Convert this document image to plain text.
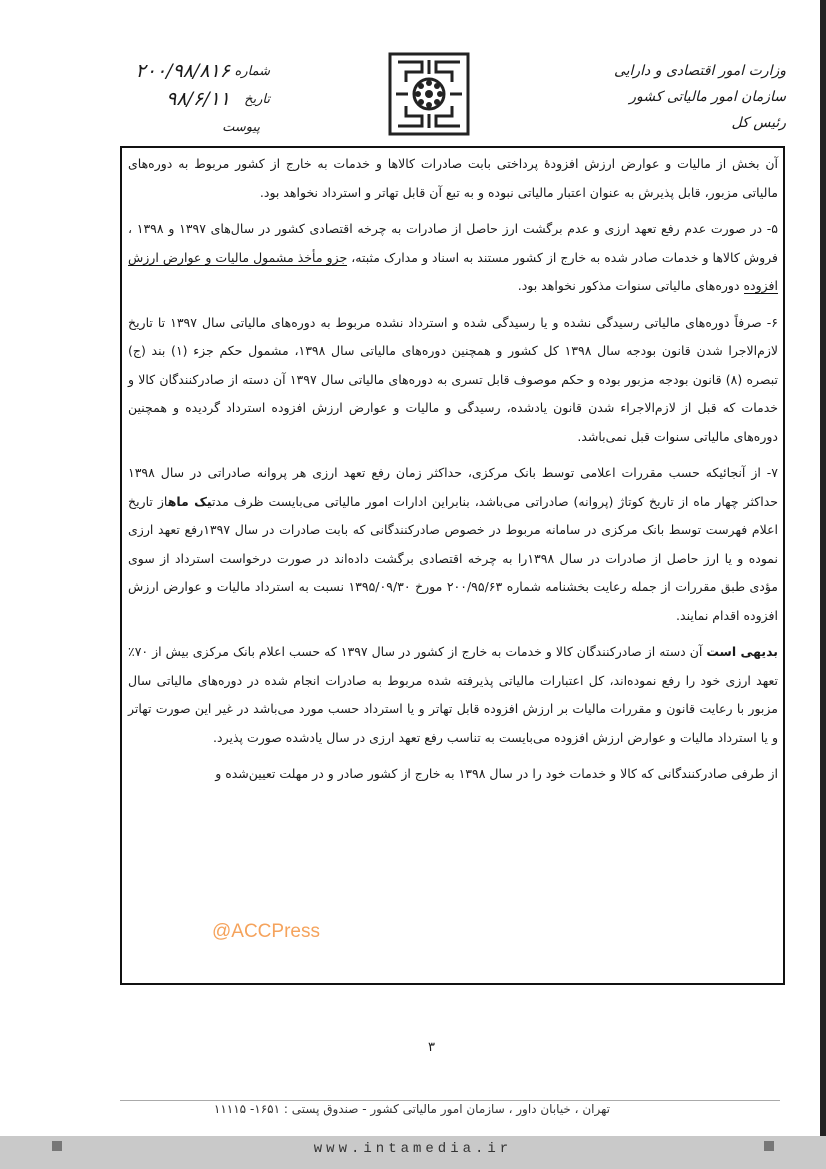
وزارت امور اقتصادی و دارایی
سازمان امور مالیاتی کشور
رئیس کل
شماره
۲۰۰/۹۸/۸۱۶
تاریخ
۹۸/۶/۱۱
پیوست

آن بخش از مالیات و عوارض ارزش افزودهٔ پرداختی بابت صادرات کالاها و خدمات به خارج از کشور مربوط به دوره‌های مالیاتی مزبور، قابل پذیرش به عنوان اعتبار مالیاتی نبوده و به تبع آن قابل تهاتر و استرداد نخواهد بود.

۵- در صورت عدم رفع تعهد ارزی و عدم برگشت ارز حاصل از صادرات به چرخه اقتصادی کشور در سال‌های ۱۳۹۷ و ۱۳۹۸ ، فروش کالاها و خدمات صادر شده به خارج از کشور مستند به اسناد و مدارک مثبته، جزو مأخذ مشمول مالیات و عوارض ارزش افزوده دوره‌های مالیاتی سنوات مذکور نخواهد بود.

۶- صرفاً دوره‌های مالیاتی رسیدگی نشده و یا رسیدگی شده و استرداد نشده مربوط به دوره‌های مالیاتی سال ۱۳۹۷ تا تاریخ لازم‌الاجرا شدن قانون بودجه سال ۱۳۹۸ کل کشور و همچنین دوره‌های مالیاتی سال ۱۳۹۸، مشمول حکم جزء (۱) بند (ج) تبصره (۸) قانون بودجه مزبور بوده و حکم موصوف قابل تسری به دوره‌های مالیاتی سال ۱۳۹۷ آن دسته از صادرکنندگان کالا و خدمات که قبل از لازم‌الاجراء شدن قانون یادشده، رسیدگی و مالیات و عوارض ارزش افزوده استرداد گردیده و همچنین دوره‌های مالیاتی سنوات قبل نمی‌باشد.

۷- از آنجائیکه حسب مقررات اعلامی توسط بانک مرکزی، حداکثر زمان رفع تعهد ارزی هر پروانه صادراتی در سال ۱۳۹۸ حداکثر چهار ماه از تاریخ کوتاژ (پروانه) صادراتی می‌باشد، بنابراین ادارات امور مالیاتی می‌بایست ظرف مدتیک ماهاز تاریخ اعلام فهرست توسط بانک مرکزی در سامانه مربوط در خصوص صادرکنندگانی که بابت صادرات در سال ۱۳۹۷رفع تعهد ارزی نموده و یا ارز حاصل از صادرات در سال ۱۳۹۸را به چرخه اقتصادی برگشت داده‌اند در صورت درخواست استرداد از سوی مؤدی طبق مقررات از جمله رعایت بخشنامه شماره ۲۰۰/۹۵/۶۳ مورخ ۱۳۹۵/۰۹/۳۰ نسبت به استرداد مالیات و عوارض ارزش افزوده اقدام نمایند.

بدیهی است آن دسته از صادرکنندگان کالا و خدمات به خارج از کشور در سال ۱۳۹۷ که حسب اعلام بانک مرکزی بیش از ۷۰٪ تعهد ارزی خود را رفع نموده‌اند، کل اعتبارات مالیاتی پذیرفته شده مربوط به صادرات انجام شده در دوره‌های مالیاتی سال مزبور با رعایت قانون و مقررات مالیات بر ارزش افزوده قابل تهاتر و یا استرداد حسب مورد می‌باشد در غیر این صورت تهاتر و یا استرداد مالیات و عوارض ارزش افزوده می‌بایست به تناسب رفع تعهد ارزی در سال یادشده صورت پذیرد.

از طرفی صادرکنندگانی که کالا و خدمات خود را در سال ۱۳۹۸ به خارج از کشور صادر و در مهلت تعیین‌شده و

@ACCPress
۳
تهران ، خیابان داور ، سازمان امور مالیاتی کشور - صندوق پستی : ۱۶۵۱- ۱۱۱۱۵
www.intamedia.ir
